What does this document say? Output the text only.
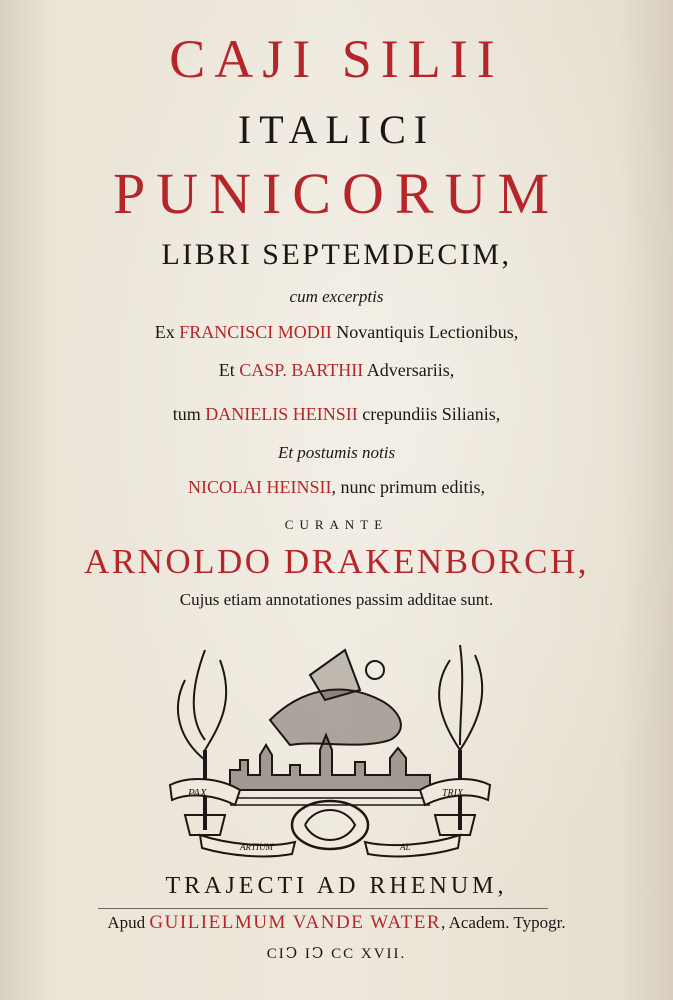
CAJI SILII
ITALICI
PUNICORUM
LIBRI SEPTEMDECIM,
cum excerptis
Ex FRANCISCI MODII Novantiquis Lectionibus,
Et CASP. BARTHII Adversariis,
tum DANIELIS HEINSII crepundiis Silianis,
Et postumis notis
NICOLAI HEINSII, nunc primum editis,
CURANTE
ARNOLDO DRAKENBORCH,
Cujus etiam annotationes passim additae sunt.
PAX	TRIX
ARTIUM	AL
TRAJECTI AD RHENUM,
Apud GUILIELMUM VANDE WATER, Academ. Typogr.
CIↃ IↃ CC XVII.
